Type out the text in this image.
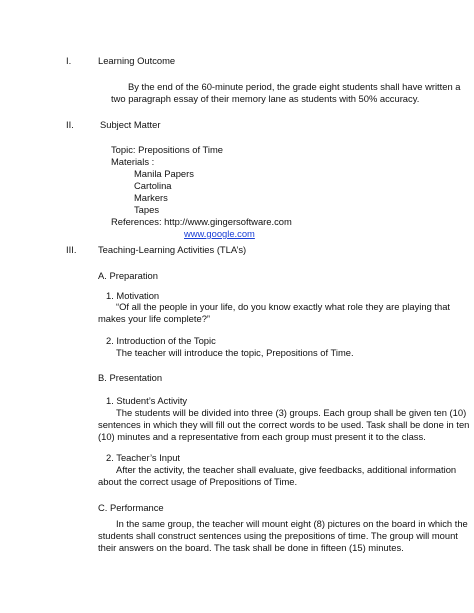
I.	Learning Outcome
By the end of the 60-minute period, the grade eight students shall have written a
two paragraph essay of their memory lane as students with 50% accuracy.
II.	Subject Matter
Topic: Prepositions of Time
Materials :
Manila Papers
Cartolina
Markers
Tapes
References: http://www.gingersoftware.com
www.google.com
III. Teaching-Learning Activities (TLA’s)
A. Preparation
1. Motivation
“Of all the people in your life, do you know exactly what role they are playing that
makes your life complete?”
2. Introduction of the Topic
The teacher will introduce the topic, Prepositions of Time.
B. Presentation
1. Student’s Activity
The students will be divided into three (3) groups. Each group shall be given ten (10)
sentences in which they will fill out the correct words to be used. Task shall be done in ten
(10) minutes and a representative from each group must present it to the class.
2. Teacher’s Input
After the activity, the teacher shall evaluate, give feedbacks, additional information
about the correct usage of Prepositions of Time.
C. Performance
In the same group, the teacher will mount eight (8) pictures on the board in which the
students shall construct sentences using the prepositions of time. The group will mount
their answers on the board. The task shall be done in fifteen (15) minutes.
